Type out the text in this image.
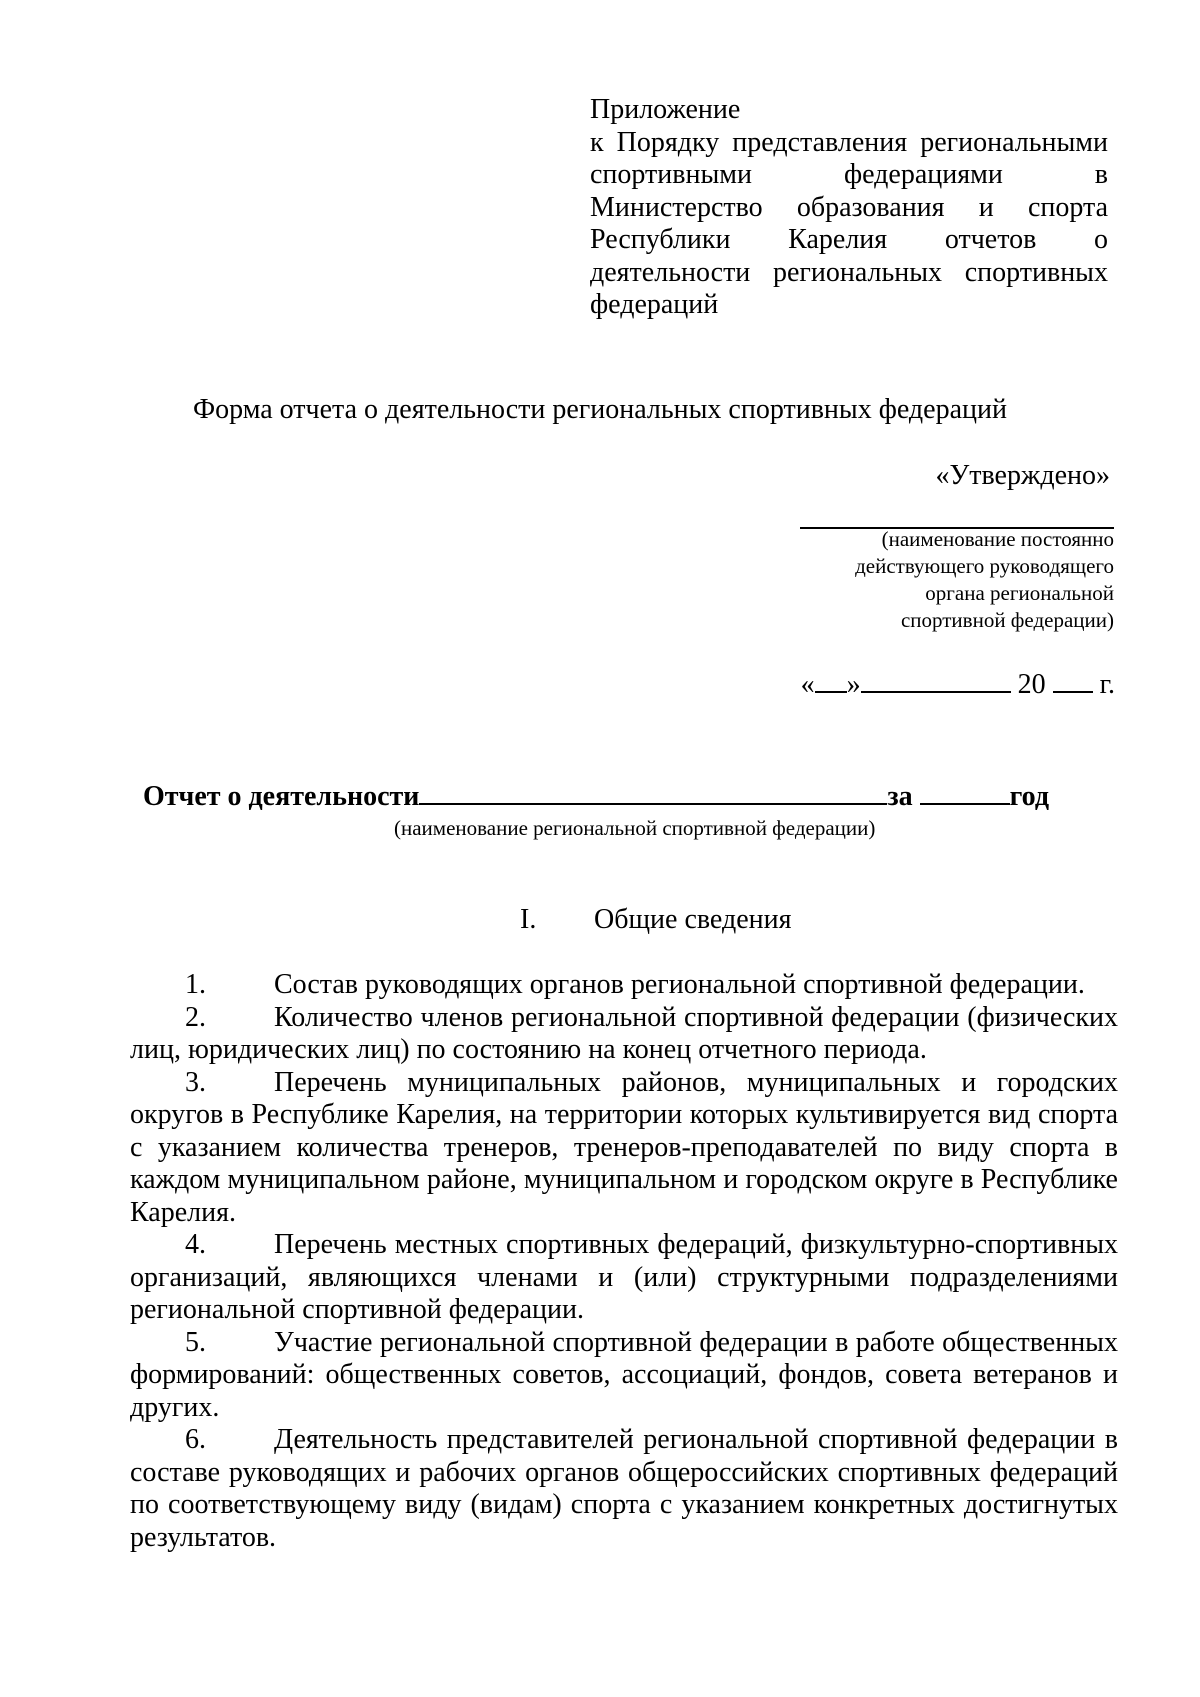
Приложение
к Порядку представления региональными спортивными федерациями в Министерство образования и спорта Республики Карелия отчетов о деятельности региональных спортивных федераций
Форма отчета о деятельности региональных спортивных федераций
«Утверждено»
(наименование постоянно
действующего руководящего
органа региональной
спортивной федерации)
« »	20 г.
Отчет о деятельности	за	год
(наименование региональной спортивной федерации)
I. Общие сведения

1. Состав руководящих органов региональной спортивной федерации.

2. Количество членов региональной спортивной федерации (физических лиц, юридических лиц) по состоянию на конец отчетного периода.

3. Перечень муниципальных районов, муниципальных и городских округов в Республике Карелия, на территории которых культивируется вид спорта с указанием количества тренеров, тренеров-преподавателей по виду спорта в каждом муниципальном районе, муниципальном и городском округе в Республике Карелия.

4. Перечень местных спортивных федераций, физкультурно-спортивных организаций, являющихся членами и (или) структурными подразделениями региональной спортивной федерации.

5. Участие региональной спортивной федерации в работе общественных формирований: общественных советов, ассоциаций, фондов, совета ветеранов и других.

6. Деятельность представителей региональной спортивной федерации в составе руководящих и рабочих органов общероссийских спортивных федераций по соответствующему виду (видам) спорта с указанием конкретных достигнутых результатов.
